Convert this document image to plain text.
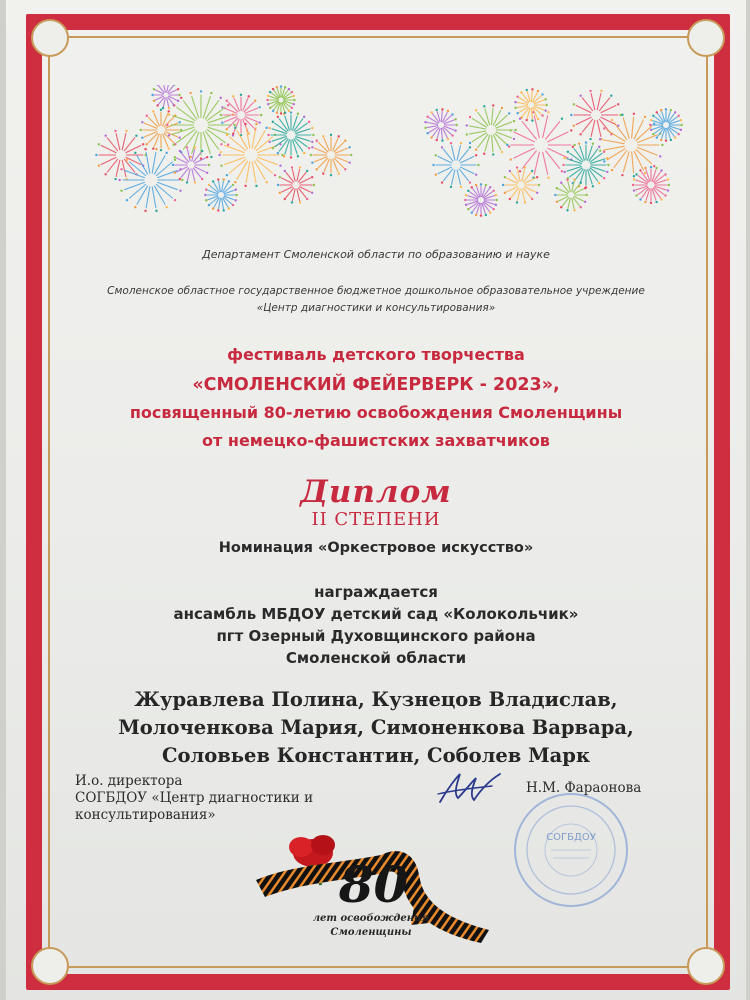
Департамент Смоленской области по образованию и науке
Смоленское областное государственное бюджетное дошкольное образовательное учреждение
«Центр диагностики и консультирования»
фестиваль детского творчества
«СМОЛЕНСКИЙ ФЕЙЕРВЕРК - 2023»,
посвященный 80-летию освобождения Смоленщины
от немецко-фашистских захватчиков
Диплом
II СТЕПЕНИ
Номинация «Оркестровое искусство»
награждается
ансамбль МБДОУ детский сад «Колокольчик»
пгт Озерный Духовщинского района
Смоленской области
Журавлева Полина, Кузнецов Владислав,
Молоченкова Мария, Симоненкова Варвара,
Соловьев Константин, Соболев Марк
И.о. директора
СОГБДОУ «Центр диагностики и
консультирования»
СОГБДОУ
Н.М. Фараонова
80
лет освобождения
Смоленщины
